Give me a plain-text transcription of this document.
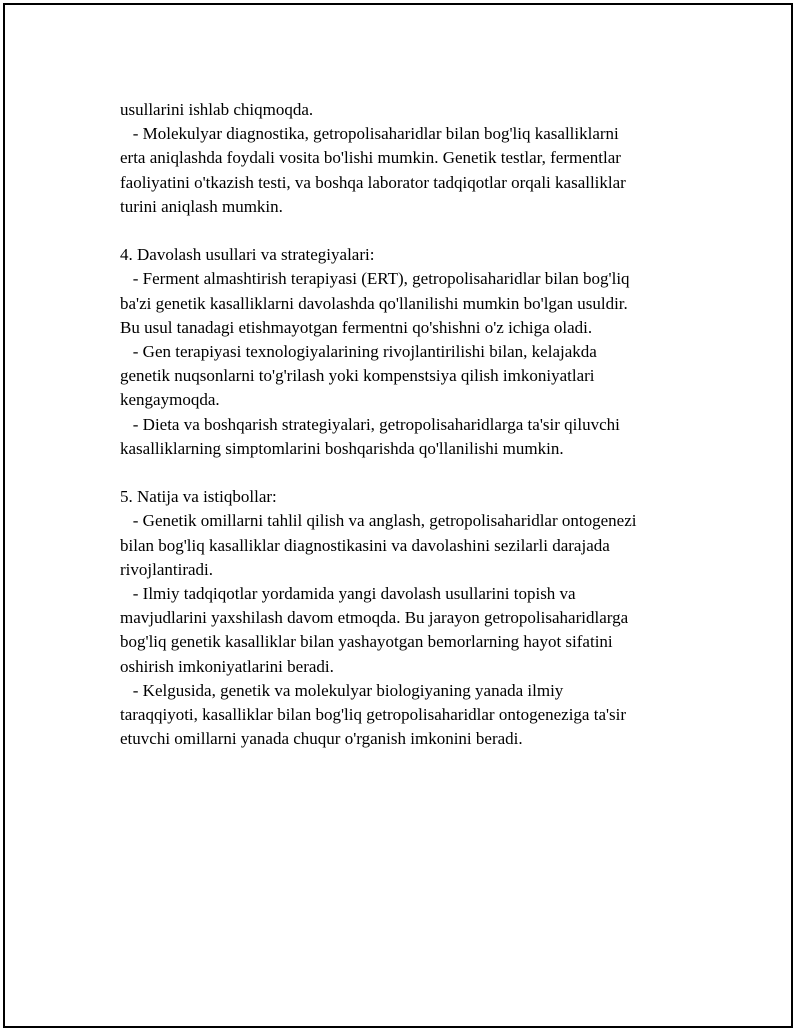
usullarini ishlab chiqmoqda.
- Molekulyar diagnostika, getropolisaharidlar bilan bog'liq kasalliklarni
erta aniqlashda foydali vosita bo'lishi mumkin. Genetik testlar, fermentlar
faoliyatini o'tkazish testi, va boshqa laborator tadqiqotlar orqali kasalliklar
turini aniqlash mumkin.
4. Davolash usullari va strategiyalari:
- Ferment almashtirish terapiyasi (ERT), getropolisaharidlar bilan bog'liq
ba'zi genetik kasalliklarni davolashda qo'llanilishi mumkin bo'lgan usuldir.
Bu usul tanadagi etishmayotgan fermentni qo'shishni o'z ichiga oladi.
- Gen terapiyasi texnologiyalarining rivojlantirilishi bilan, kelajakda
genetik nuqsonlarni to'g'rilash yoki kompenstsiya qilish imkoniyatlari
kengaymoqda.
- Dieta va boshqarish strategiyalari, getropolisaharidlarga ta'sir qiluvchi
kasalliklarning simptomlarini boshqarishda qo'llanilishi mumkin.
5. Natija va istiqbollar:
- Genetik omillarni tahlil qilish va anglash, getropolisaharidlar ontogenezi
bilan bog'liq kasalliklar diagnostikasini va davolashini sezilarli darajada
rivojlantiradi.
- Ilmiy tadqiqotlar yordamida yangi davolash usullarini topish va
mavjudlarini yaxshilash davom etmoqda. Bu jarayon getropolisaharidlarga
bog'liq genetik kasalliklar bilan yashayotgan bemorlarning hayot sifatini
oshirish imkoniyatlarini beradi.
- Kelgusida, genetik va molekulyar biologiyaning yanada ilmiy
taraqqiyoti, kasalliklar bilan bog'liq getropolisaharidlar ontogeneziga ta'sir
etuvchi omillarni yanada chuqur o'rganish imkonini beradi.
